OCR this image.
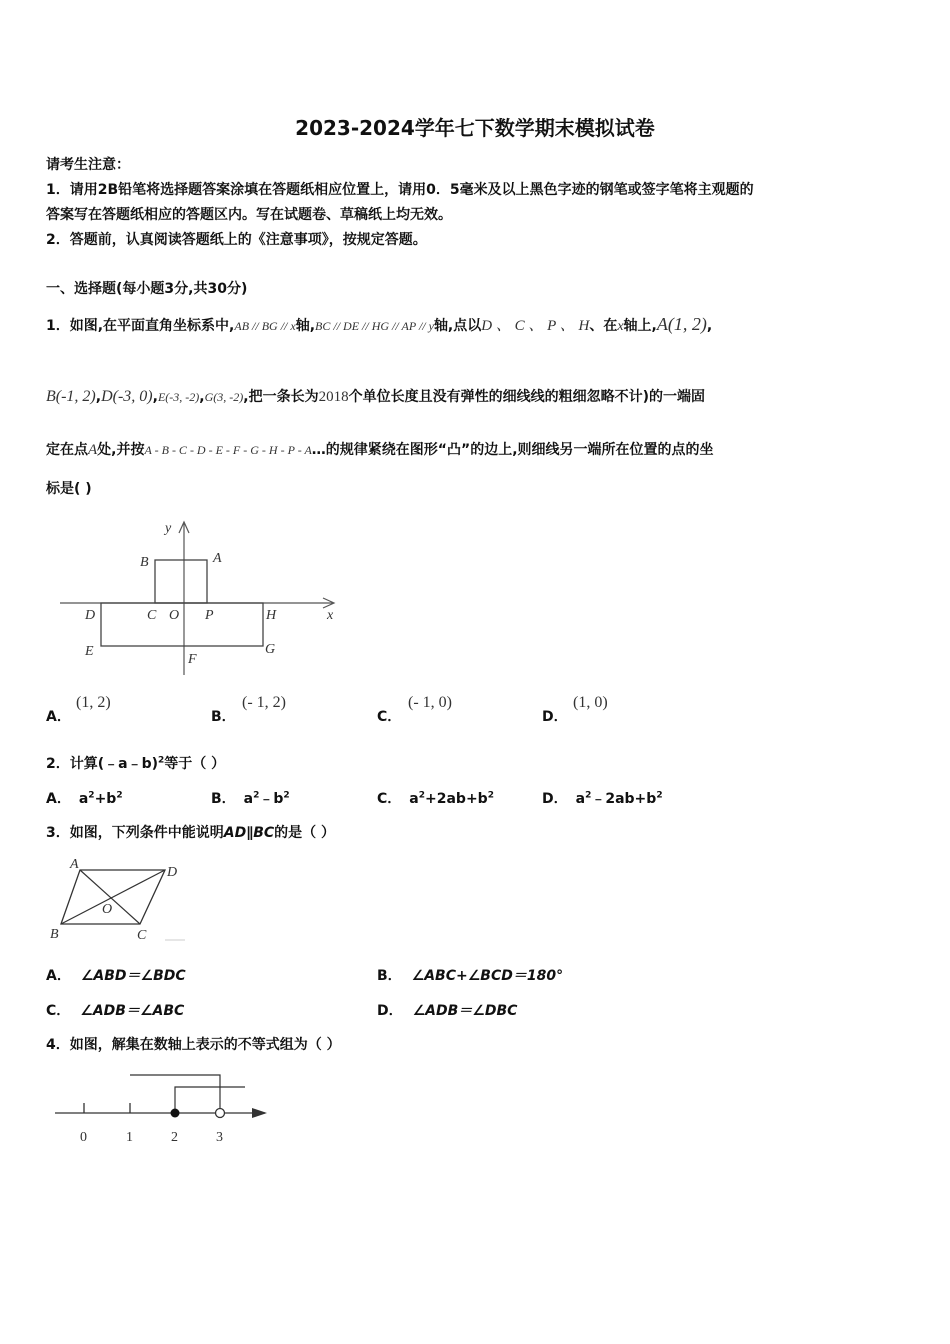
2023-2024学年七下数学期末模拟试卷
请考生注意：
1．请用2B铅笔将选择题答案涂填在答题纸相应位置上，请用0．5毫米及以上黑色字迹的钢笔或签字笔将主观题的
答案写在答题纸相应的答题区内。写在试题卷、草稿纸上均无效。
2．答题前，认真阅读答题纸上的《注意事项》，按规定答题。
一、选择题(每小题3分,共30分)
1．如图,在平面直角坐标系中,AB // BG // x轴,BC // DE // HG // AP // y轴,点以D 、 C 、 P 、 H、在x轴上,A(1, 2),
B(-1, 2),D(-3, 0),E(-3, -2),G(3, -2),把一条长为2018个单位长度且没有弹性的细线线的粗细忽略不计)的一端固
定在点A处,并按A - B - C - D - E - F - G - H - P - A…的规律紧绕在图形“凸”的边上,则细线另一端所在位置的点的坐
标是( )
B	A
D	C O P	H	x
y
E
F
G
A．
(1, 2)
B．
(- 1, 2)
C．
(- 1, 0)
D．
(1, 0)
2．计算(﹣a﹣b)$^2$等于（ ）
A． $a^2+b^2$	B． $a^2﹣b^2$	C． $a^2+2ab+b^2$	D． $a^2﹣2ab+b^2$
3．如图，下列条件中能说明AD∥BC的是（ ）
A
D
O
B	C
A． ∠ABD＝∠BDC	B． ∠ABC+∠BCD＝180°
C． ∠ADB＝∠ABC	D． ∠ADB＝∠DBC
4．如图，解集在数轴上表示的不等式组为（ ）
0	1	2	3
